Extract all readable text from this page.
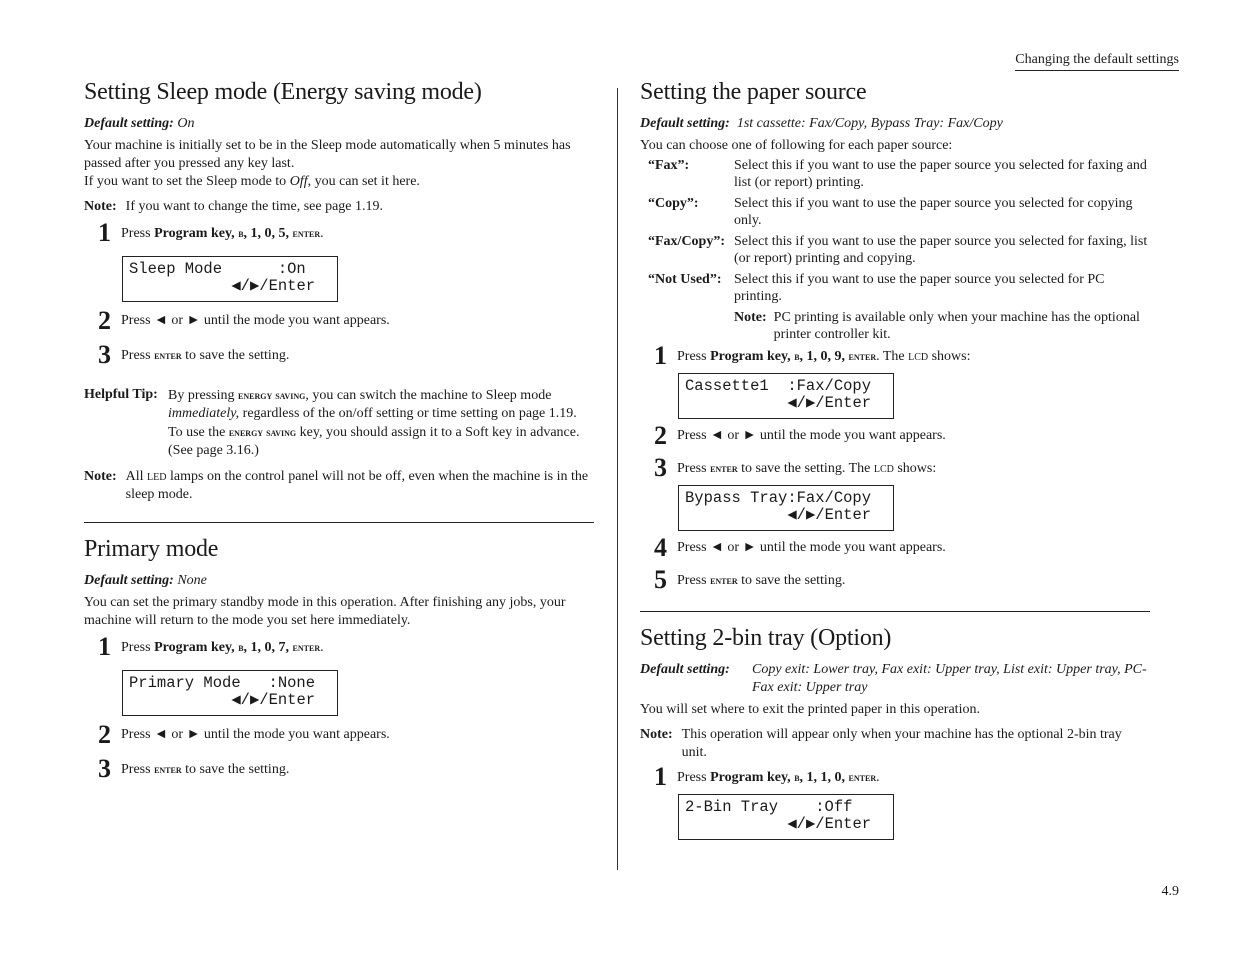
Changing the default settings
4.9
Setting Sleep mode (Energy saving mode)
Default setting: On

Your machine is initially set to be in the Sleep mode automatically when 5 minutes has passed after you pressed any key last.

If you want to set the Sleep mode to Off, you can set it here.

Note: If you want to change the time, see page 1.19.
1 Press Program key, b, 1, 0, 5, enter.
Sleep Mode      :On
◀/▶/Enter
2 Press ◄ or ► until the mode you want appears.
3 Press enter to save the setting.
Helpful Tip: By pressing energy saving, you can switch the machine to Sleep mode immediately, regardless of the on/off setting or time setting on page 1.19. To use the energy saving key, you should assign it to a Soft key in advance. (See page 3.16.)
Note: All led lamps on the control panel will not be off, even when the machine is in the sleep mode.
Primary mode
Default setting: None

You can set the primary standby mode in this operation. After finishing any jobs, your machine will return to the mode you set here immediately.

1 Press Program key, b, 1, 0, 7, enter.
Primary Mode   :None
◀/▶/Enter
2 Press ◄ or ► until the mode you want appears.
3 Press enter to save the setting.
Setting the paper source
Default setting: 1st cassette: Fax/Copy, Bypass Tray: Fax/Copy

You can choose one of following for each paper source:

“Fax”:	Select this if you want to use the paper source you selected for faxing and list (or report) printing.
“Copy”:	Select this if you want to use the paper source you selected for copying only.
“Fax/Copy”: Select this if you want to use the paper source you selected for faxing, list (or report) printing and copying.
“Not Used”: Select this if you want to use the paper source you selected for PC printing.
Note: PC printing is available only when your machine has the optional printer controller kit.
1 Press Program key, b, 1, 0, 9, enter. The lcd shows:
Cassette1  :Fax/Copy
◀/▶/Enter
2 Press ◄ or ► until the mode you want appears.
3 Press enter to save the setting. The lcd shows:
Bypass Tray:Fax/Copy
◀/▶/Enter
4 Press ◄ or ► until the mode you want appears.
5 Press enter to save the setting.
Setting 2-bin tray (Option)
Default setting:	Copy exit: Lower tray, Fax exit: Upper tray, List exit: Upper tray, PC-Fax exit: Upper tray

You will set where to exit the printed paper in this operation.

Note: This operation will appear only when your machine has the optional 2-bin tray unit.
1 Press Program key, b, 1, 1, 0, enter.
2-Bin Tray    :Off
◀/▶/Enter
